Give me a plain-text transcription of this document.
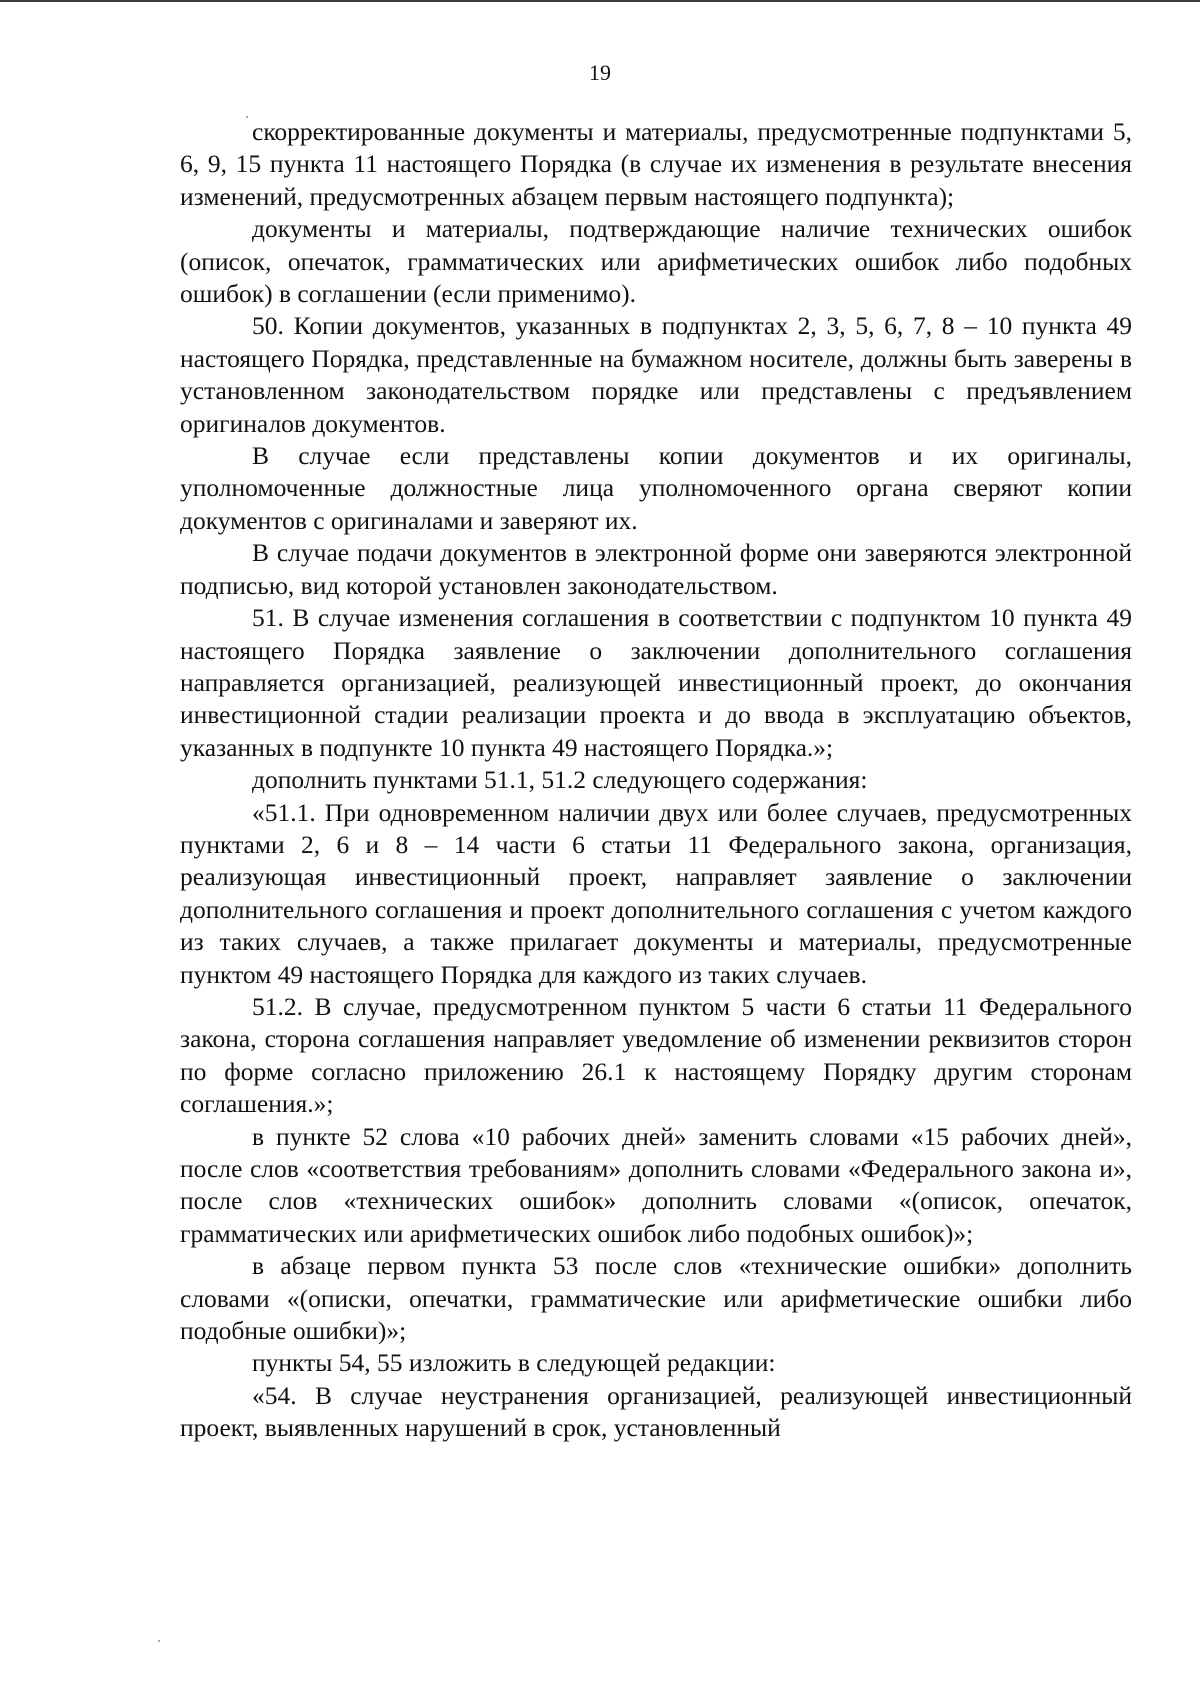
19

скорректированные документы и материалы, предусмотренные подпунктами 5, 6, 9, 15 пункта 11 настоящего Порядка (в случае их изменения в результате внесения изменений, предусмотренных абзацем первым настоящего подпункта);

документы и материалы, подтверждающие наличие технических ошибок (описок, опечаток, грамматических или арифметических ошибок либо подобных ошибок) в соглашении (если применимо).

50. Копии документов, указанных в подпунктах 2, 3, 5, 6, 7, 8 – 10 пункта 49 настоящего Порядка, представленные на бумажном носителе, должны быть заверены в установленном законодательством порядке или представлены с предъявлением оригиналов документов.

В случае если представлены копии документов и их оригиналы, уполномоченные должностные лица уполномоченного органа сверяют копии документов с оригиналами и заверяют их.

В случае подачи документов в электронной форме они заверяются электронной подписью, вид которой установлен законодательством.

51. В случае изменения соглашения в соответствии с подпунктом 10 пункта 49 настоящего Порядка заявление о заключении дополнительного соглашения направляется организацией, реализующей инвестиционный проект, до окончания инвестиционной стадии реализации проекта и до ввода в эксплуатацию объектов, указанных в подпункте 10 пункта 49 настоящего Порядка.»;

дополнить пунктами 51.1, 51.2 следующего содержания:

«51.1. При одновременном наличии двух или более случаев, предусмотренных пунктами 2, 6 и 8 – 14 части 6 статьи 11 Федерального закона, организация, реализующая инвестиционный проект, направляет заявление о заключении дополнительного соглашения и проект дополнительного соглашения с учетом каждого из таких случаев, а также прилагает документы и материалы, предусмотренные пунктом 49 настоящего Порядка для каждого из таких случаев.

51.2. В случае, предусмотренном пунктом 5 части 6 статьи 11 Федерального закона, сторона соглашения направляет уведомление об изменении реквизитов сторон по форме согласно приложению 26.1 к настоящему Порядку другим сторонам соглашения.»;

в пункте 52 слова «10 рабочих дней» заменить словами «15 рабочих дней», после слов «соответствия требованиям» дополнить словами «Федерального закона и», после слов «технических ошибок» дополнить словами «(описок, опечаток, грамматических или арифметических ошибок либо подобных ошибок)»;

в абзаце первом пункта 53 после слов «технические ошибки» дополнить словами «(описки, опечатки, грамматические или арифметические ошибки либо подобные ошибки)»;

пункты 54, 55 изложить в следующей редакции:

«54. В случае неустранения организацией, реализующей инвестиционный проект, выявленных нарушений в срок, установленный
